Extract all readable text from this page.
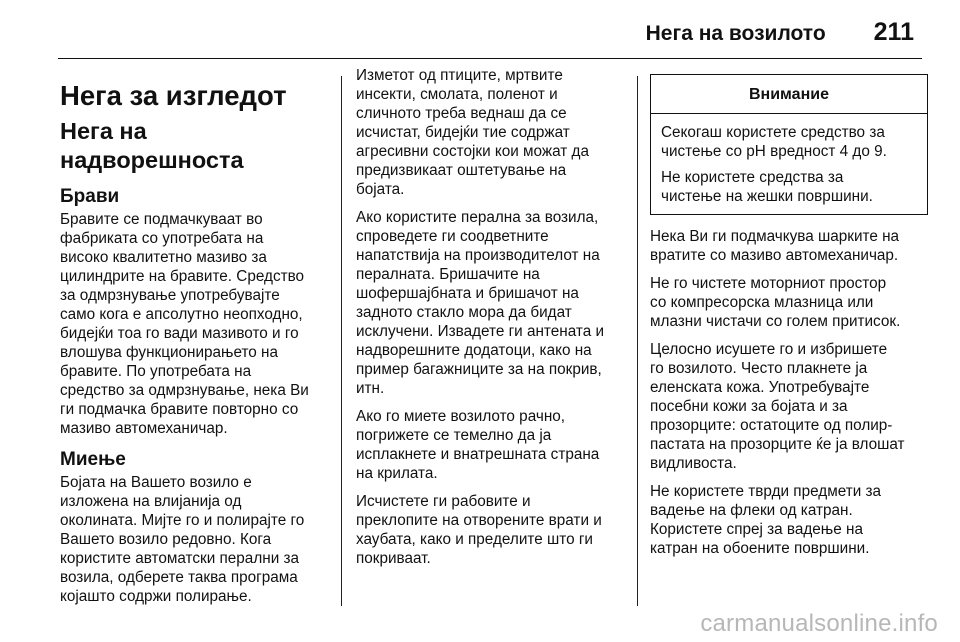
Нега на возилото 211
Нега за изгледот
Нега на надворешноста
Брави

Бравите се подмачкуваат во
фабриката со употребата на
високо квалитетно мазиво за
цилиндрите на бравите. Средство
за одмрзнување употребувајте
само кога е апсолутно неопходно,
бидејќи тоа го вади мазивото и го
влошува функционирањето на
бравите. По употребата на
средство за одмрзнување, нека Ви
ги подмачка бравите повторно со
мазиво автомеханичар.

Миење

Бојата на Вашето возило е
изложена на влијанија од
околината. Мијте го и полирајте го
Вашето возило редовно. Кога
користите автоматски перални за
возила, одберете таква програма
којашто содржи полирање.

Изметот од птиците, мртвите
инсекти, смолата, поленот и
сличното треба веднаш да се
исчистат, бидејќи тие содржат
агресивни состојки кои можат да
предизвикаат оштетување на
бојата.

Ако користите перална за возила,
спроведете ги соодветните
напатствија на производителот на
пералната. Бришачите на
шофершајбната и бришачот на
задното стакло мора да бидат
исклучени. Извадете ги антената и
надворешните додатоци, како на
пример багажниците за на покрив,
итн.

Ако го миете возилото рачно,
погрижете се темелно да ја
исплакнете и внатрешната страна
на крилата.

Исчистете ги рабовите и
преклопите на отворените врати и
хаубата, како и пределите што ги
покриваат.

Внимание

Секогаш користете средство за
чистење со pH вредност 4 до 9.

Не користете средства за
чистење на жешки површини.

Нека Ви ги подмачкува шарките на
вратите со мазиво автомеханичар.

Не го чистете моторниот простор
со компресорска млазница или
млазни чистачи со голем притисок.

Целосно исушете го и избришете
го возилото. Често плакнете ја
еленската кожа. Употребувајте
посебни кожи за бојата и за
прозорците: остатоците од полир-
пастата на прозорците ќе ја влошат
видливоста.

Не користете тврди предмети за
вадење на флеки од катран.
Користете спреј за вадење на
катран на обоените површини.

carmanualsonline.info
